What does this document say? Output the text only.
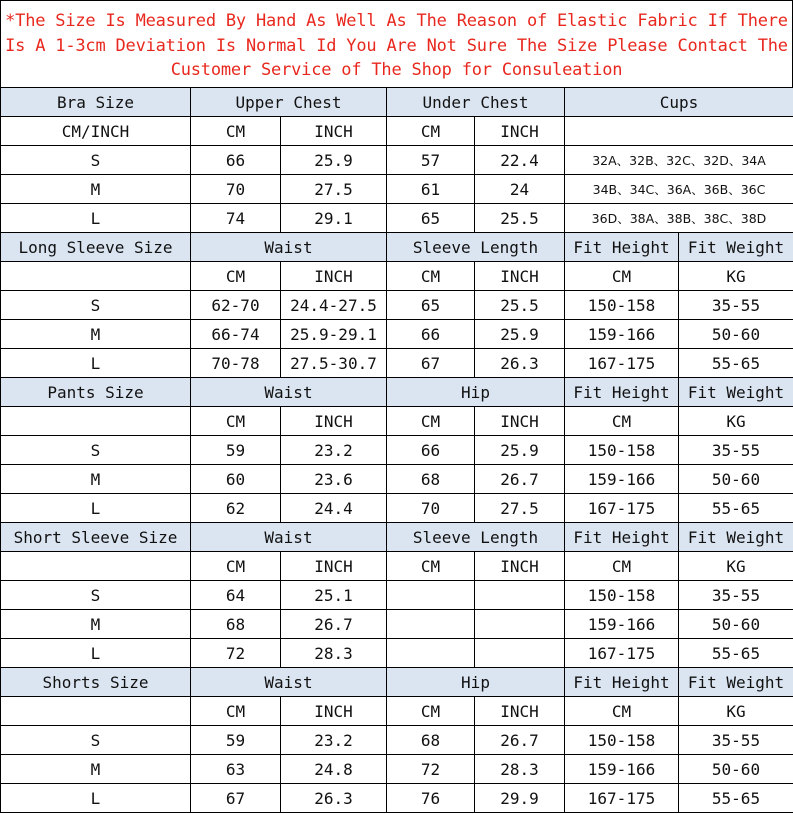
*The Size Is Measured By Hand As Well As The Reason of Elastic Fabric If There
Is A 1-3cm Deviation Is Normal Id You Are Not Sure The Size Please Contact The
Customer Service of The Shop for Consuleation
Bra Size	Upper Chest		Under Chest		Cups	
CM/INCH	CM	INCH	CM	INCH		
S	66	25.9	57	22.4	32A、32B、32C、32D、34A	
M	70	27.5	61	24	34B、34C、36A、36B、36C	
L	74	29.1	65	25.5	36D、38A、38B、38C、38D	
Long Sleeve Size	Waist		Sleeve Length		Fit Height	Fit Weight
	CM	INCH	CM	INCH	CM	KG
S	62-70	24.4-27.5	65	25.5	150-158	35-55
M	66-74	25.9-29.1	66	25.9	159-166	50-60
L	70-78	27.5-30.7	67	26.3	167-175	55-65
Pants Size	Waist		Hip		Fit Height	Fit Weight
	CM	INCH	CM	INCH	CM	KG
S	59	23.2	66	25.9	150-158	35-55
M	60	23.6	68	26.7	159-166	50-60
L	62	24.4	70	27.5	167-175	55-65
Short Sleeve Size	Waist		Sleeve Length		Fit Height	Fit Weight
	CM	INCH	CM	INCH	CM	KG
S	64	25.1			150-158	35-55
M	68	26.7			159-166	50-60
L	72	28.3			167-175	55-65
Shorts Size	Waist		Hip		Fit Height	Fit Weight
	CM	INCH	CM	INCH	CM	KG
S	59	23.2	68	26.7	150-158	35-55
M	63	24.8	72	28.3	159-166	50-60
L	67	26.3	76	29.9	167-175	55-65
